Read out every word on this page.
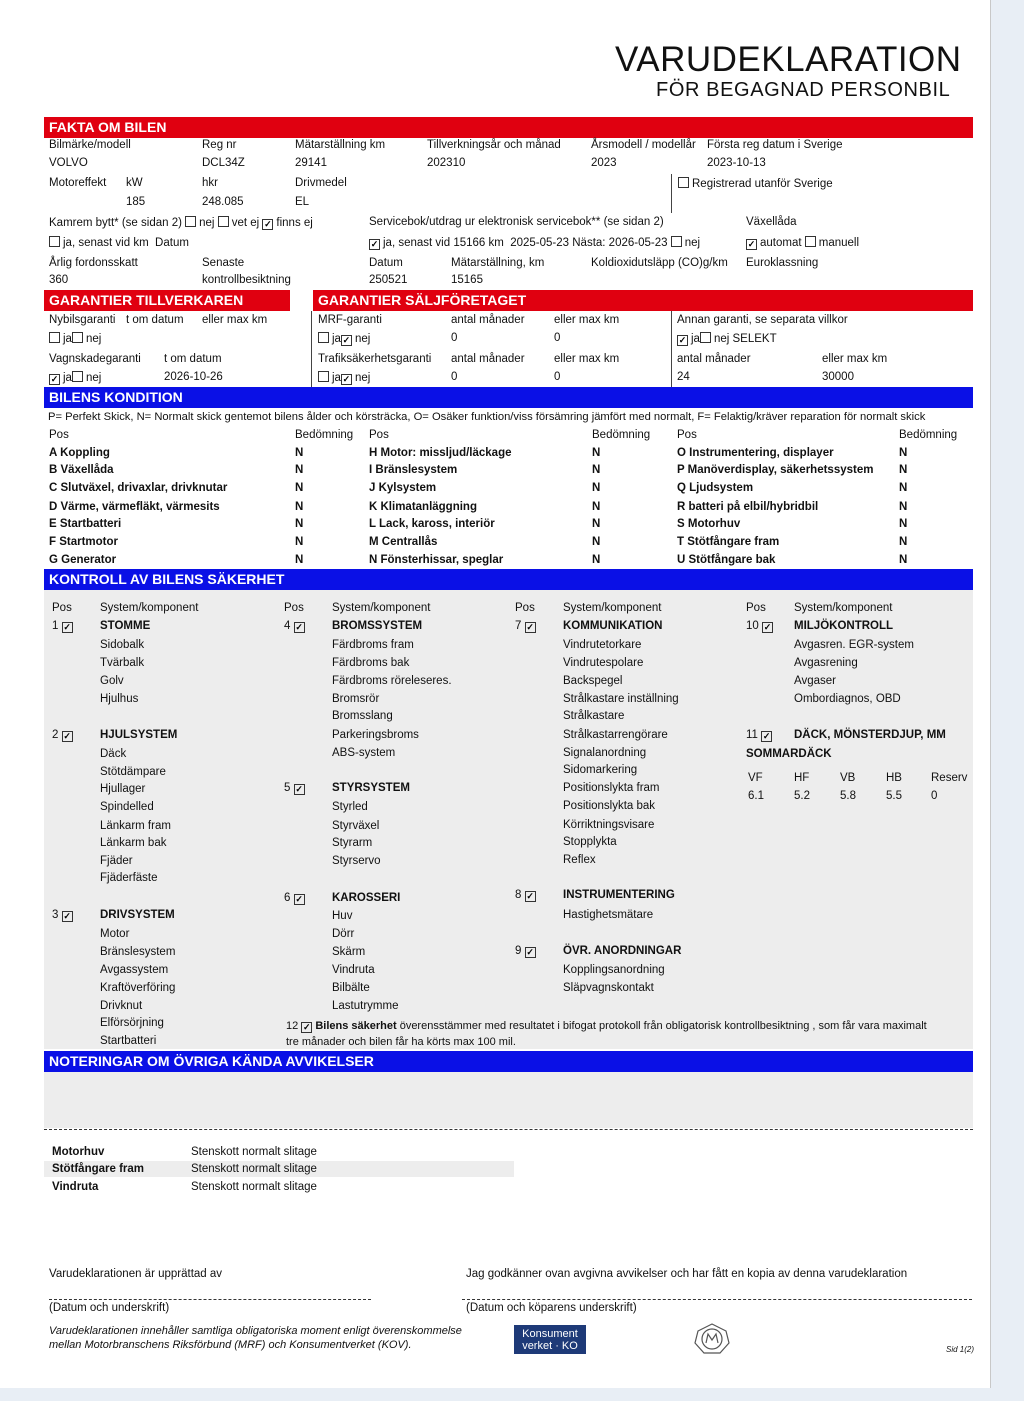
VARUDEKLARATION
FÖR BEGAGNAD PERSONBIL
FAKTA OM BILEN
Bilmärke/modell
VOLVO
Reg nr
DCL34Z
Mätarställning km
29141
Tillverkningsår och månad
202310
Årsmodell / modellår
2023
Första reg datum i Sverige
2023-10-13
Motoreffekt kW
185
hkr
248.085
Drivmedel
EL
Registrerad utanför Sverige
Kamrem bytt* (se sidan 2) nej vet ej ✓ finns ej
ja, senast vid km Datum
Servicebok/utdrag ur elektronisk servicebok** (se sidan 2)
✓ja, senast vid 15166 km 2025-05-23 Nästa: 2026-05-23 nej
Växellåda
✓automat manuell
Årlig fordonsskatt
360
Senaste
kontrollbesiktning
Datum
250521
Mätarställning, km
15165
Koldioxidutsläpp (CO)g/km Euroklassning
GARANTIER TILLVERKAREN	GARANTIER SÄLJFÖRETAGET
Nybilsgaranti t om datum eller max km
ja nej
Vagnskadegaranti t om datum
✓ja nej	2026-10-26
MRF-garanti	antal månader	eller max km
ja ✓ nej	0	0
Trafiksäkerhetsgaranti antal månader	eller max km
ja ✓ nej	0	0
Annan garanti, se separata villkor
✓ja nej SELEKT
antal månader	eller max km
24	30000
BILENS KONDITION
P= Perfekt Skick, N= Normalt skick gentemot bilens ålder och körsträcka, O= Osäker funktion/viss försämring jämfört med normalt, F= Felaktig/kräver reparation för normalt skick
Pos	Bedömning Pos	Bedömning Pos	Bedömning
A Koppling	N
B Växellåda	N
C Slutväxel, drivaxlar, drivknutar	N
D Värme, värmefläkt, värmesits	N
E Startbatteri	N
F Startmotor	N
G Generator	N
H Motor: missljud/läckage	N
I Bränslesystem	N
J Kylsystem	N
K Klimatanläggning	N
L Lack, kaross, interiör	N
M Centrallås	N
N Fönsterhissar, speglar	N
O Instrumentering, displayer	N
P Manöverdisplay, säkerhetssystem N
Q Ljudsystem	N
R batteri på elbil/hybridbil	N
S Motorhuv	N
T Stötfångare fram	N
U Stötfångare bak	N
KONTROLL AV BILENS SÄKERHET
Pos System/komponent	Pos System/komponent	Pos System/komponent	Pos System/komponent
1 ✓	STOMME
Sidobalk
Tvärbalk
Golv
Hjulhus
2 ✓	HJULSYSTEM
Däck
Stötdämpare
Hjullager
Spindelled
Länkarm fram
Länkarm bak
Fjäder
Fjäderfäste
3 ✓	DRIVSYSTEM
Motor
Bränslesystem
Avgassystem
Kraftöverföring
Drivknut
Elförsörjning
Startbatteri
4 ✓	BROMSSYSTEM
Färdbroms fram
Färdbroms bak
Färdbroms röreleseres.
Bromsrör
Bromsslang
Parkeringsbroms
ABS-system
5 ✓	STYRSYSTEM
Styrled
Styrväxel
Styrarm
Styrservo
6 ✓	KAROSSERI
Huv
Dörr
Skärm
Vindruta
Bilbälte
Lastutrymme
7 ✓	KOMMUNIKATION
Vindrutetorkare
Vindrutespolare
Backspegel
Strålkastare inställning
Strålkastare
Strålkastarrengörare
Signalanordning
Sidomarkering
Positionslykta fram
Positionslykta bak
Körriktningsvisare
Stopplykta
Reflex
8 ✓	INSTRUMENTERING
Hastighetsmätare
9 ✓	ÖVR. ANORDNINGAR
Kopplingsanordning
Släpvagnskontakt
10 ✓	MILJÖKONTROLL
Avgasren. EGR-system
Avgasrening
Avgaser
Ombordiagnos, OBD
11 ✓	DÄCK, MÖNSTERDJUP, MM
SOMMARDÄCK
VF	HF	VB	HB	Reserv
6.1	5.2	5.8	5.5	0
12 ✓ Bilens säkerhet överensstämmer med resultatet i bifogat protokoll från obligatorisk kontrollbesiktning , som får vara maximalt
tre månader och bilen får ha körts max 100 mil.
NOTERINGAR OM ÖVRIGA KÄNDA AVVIKELSER
Motorhuv	Stenskott normalt slitage
Stötfångare fram	Stenskott normalt slitage
Vindruta	Stenskott normalt slitage
Varudeklarationen är upprättad av	Jag godkänner ovan avgivna avvikelser och har fått en kopia av denna varudeklaration
(Datum och underskrift)	(Datum och köparens underskrift)
Varudeklarationen innehåller samtliga obligatoriska moment enligt överenskommelse
mellan Motorbranschens Riksförbund (MRF) och Konsumentverket (KOV).
Konsument
verket · KO	Sid 1(2)
